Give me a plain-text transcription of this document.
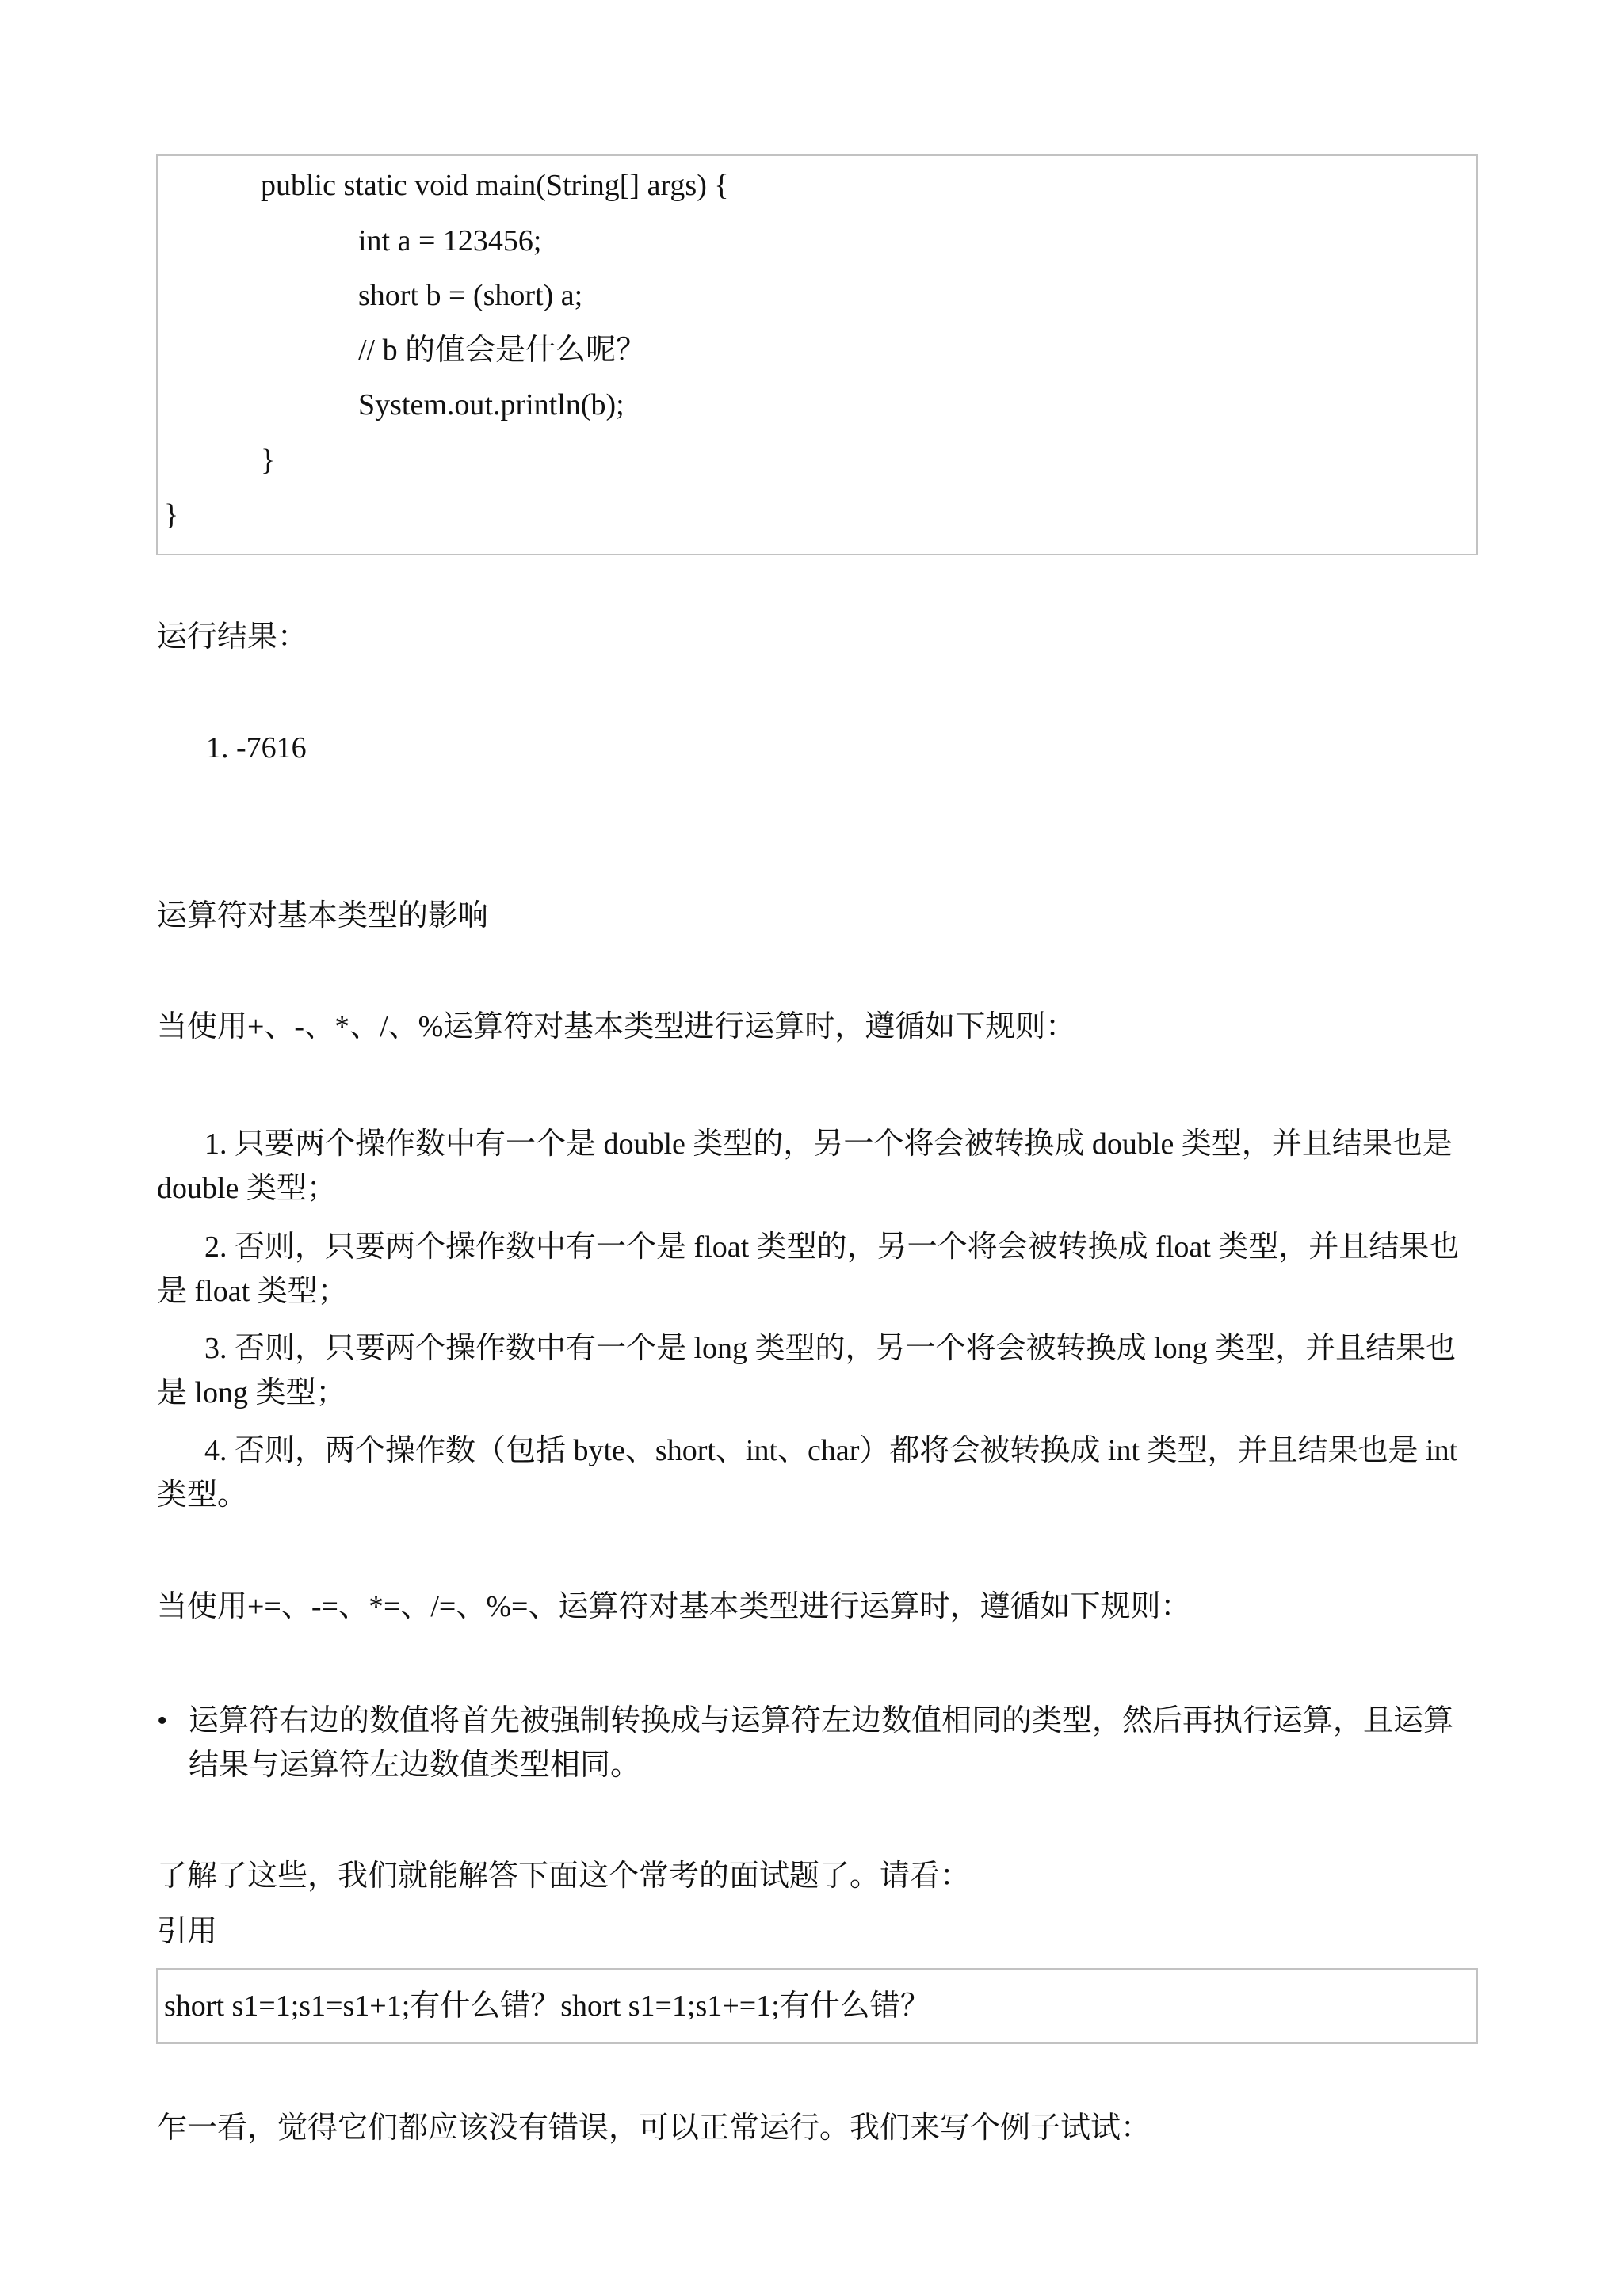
public static void main(String[] args) {

int a = 123456;

short b = (short) a;

// b 的值会是什么呢？

System.out.println(b);

}

}

运行结果：

1. -7616

运算符对基本类型的影响

当使用+、-、*、/、%运算符对基本类型进行运算时，遵循如下规则：

1. 只要两个操作数中有一个是 double 类型的，另一个将会被转换成 double 类型，并且结果也是 double 类型；

2. 否则，只要两个操作数中有一个是 float 类型的，另一个将会被转换成 float 类型，并且结果也是 float 类型；

3. 否则，只要两个操作数中有一个是 long 类型的，另一个将会被转换成 long 类型，并且结果也是 long 类型；

4. 否则，两个操作数（包括 byte、short、int、char）都将会被转换成 int 类型，并且结果也是 int 类型。

当使用+=、-=、*=、/=、%=、运算符对基本类型进行运算时，遵循如下规则：

• 运算符右边的数值将首先被强制转换成与运算符左边数值相同的类型，然后再执行运算，且运算结果与运算符左边数值类型相同。

了解了这些，我们就能解答下面这个常考的面试题了。请看：

引用

short s1=1;s1=s1+1;有什么错？short s1=1;s1+=1;有什么错？

乍一看，觉得它们都应该没有错误，可以正常运行。我们来写个例子试试：
